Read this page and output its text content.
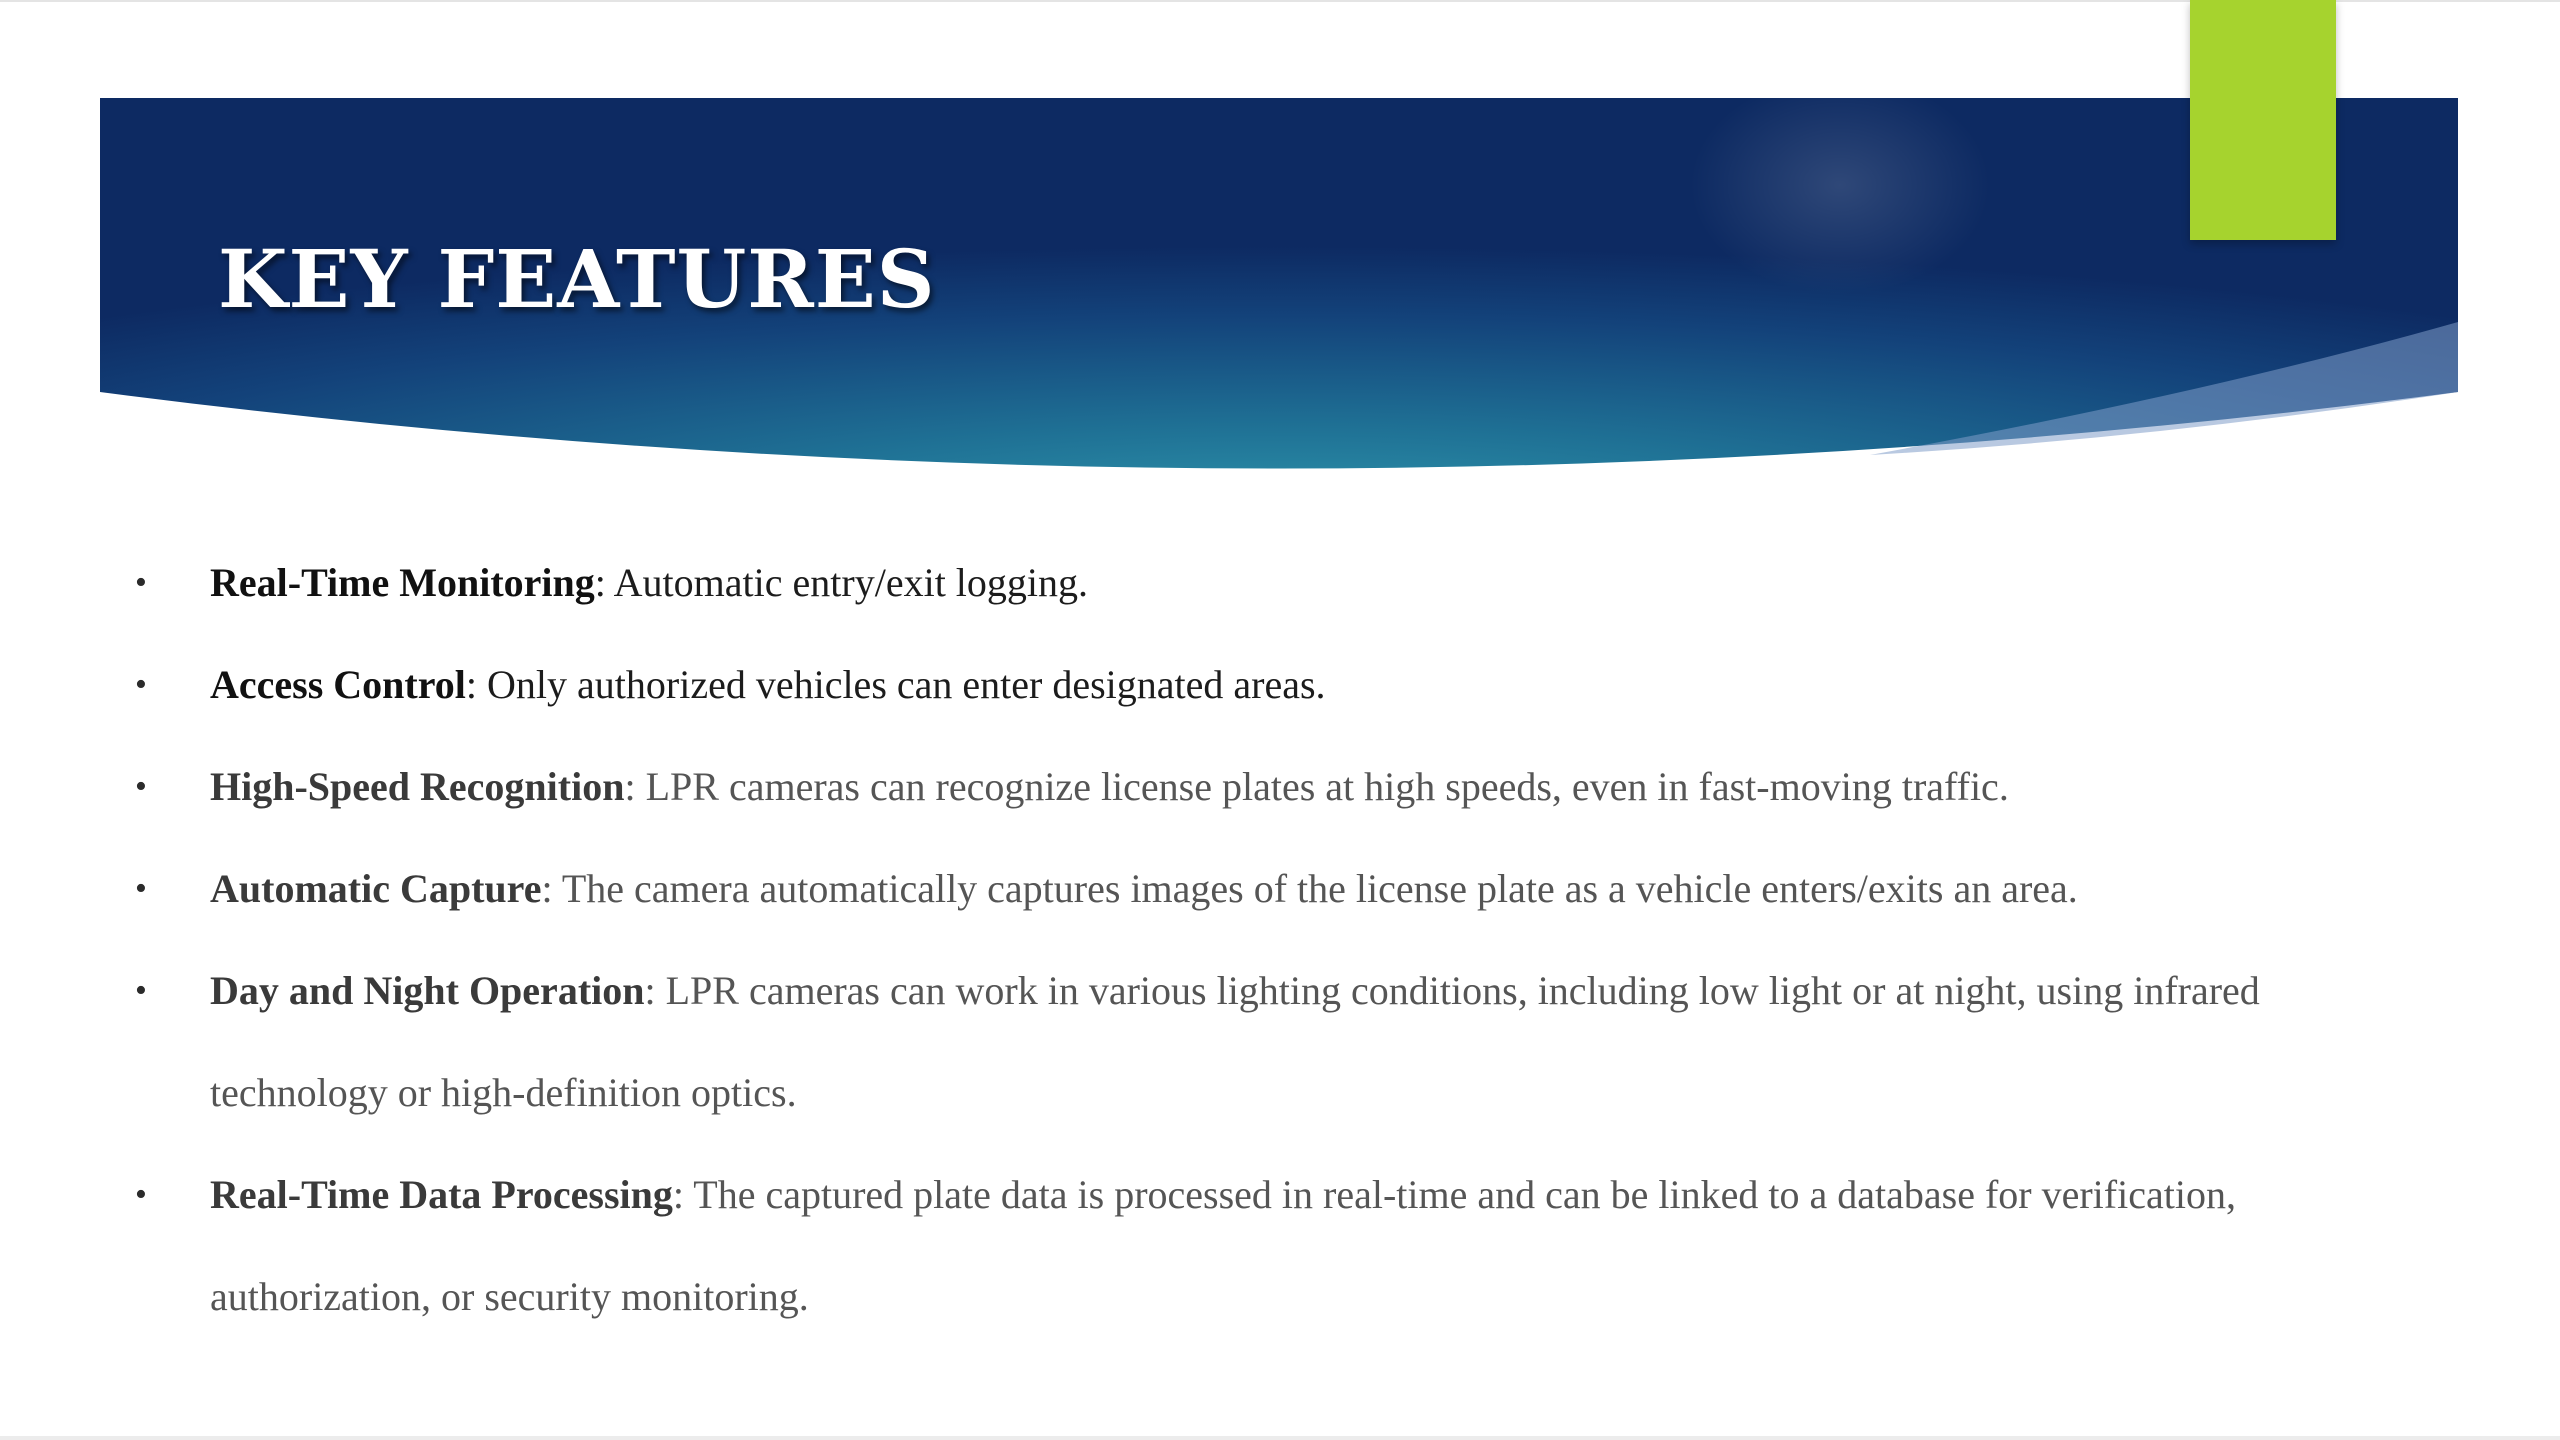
KEY FEATURES
• Real-Time Monitoring: Automatic entry/exit logging.
• Access Control: Only authorized vehicles can enter designated areas.
• High-Speed Recognition: LPR cameras can recognize license plates at high speeds, even in fast-moving traffic.
• Automatic Capture: The camera automatically captures images of the license plate as a vehicle enters/exits an area.
• Day and Night Operation: LPR cameras can work in various lighting conditions, including low light or at night, using infrared technology or high-definition optics.
• Real-Time Data Processing: The captured plate data is processed in real-time and can be linked to a database for verification, authorization, or security monitoring.
